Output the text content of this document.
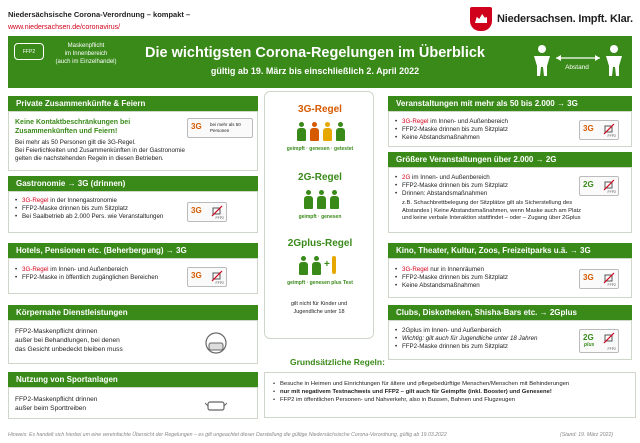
Niedersächsische Corona-Verordnung – kompakt –
www.niedersachsen.de/coronavirus/
Niedersachsen. Impft. Klar.
FFP2
Maskenpflicht
im Innenbereich
(auch im Einzelhandel)
Die wichtigsten Corona-Regelungen im Überblick
gültig ab 19. März bis einschließlich 2. April 2022	Abstand
Private Zusammenkünfte & Feiern
Keine Kontaktbeschränkungen bei
Zusammenkünften und Feiern!
Bei mehr als 50 Personen gilt die 3G-Regel.
Bei Feierlichkeiten und Zusammenkünften in der Gastronomie
gelten die nachstehenden Regeln in diesen Betrieben.
3G bei mehr als 50 Personen
Gastronomie → 3G (drinnen)
• 3G-Regel in der Innengastronomie
• FFP2-Maske drinnen bis zum Sitzplatz
• Bei Saalbetrieb ab 2.000 Pers. wie Veranstaltungen
3G
FFP2
Hotels, Pensionen etc. (Beherbergung) → 3G
• 3G-Regel im Innen- und Außenbereich
• FFP2-Maske in öffentlich zugänglichen Bereichen	3G
FFP2
Körpernahe Dienstleistungen
FFP2-Maskenpflicht drinnen
außer bei Behandlungen, bei denen
das Gesicht unbedeckt bleiben muss
Nutzung von Sportanlagen
FFP2-Maskenpflicht drinnen
außer beim Sporttreiben
3G-Regel
geimpft · genesen · getestet
2G-Regel
geimpft · genesen
2Gplus-Regel
+
geimpft · genesen plus Test
gilt nicht für Kinder und
Jugendliche unter 18
Veranstaltungen mit mehr als 50 bis 2.000 → 3G
• 3G-Regel im Innen- und Außenbereich
• FFP2-Maske drinnen bis zum Sitzplatz
• Keine Abstandsmaßnahmen
3G
FFP2
Größere Veranstaltungen über 2.000 → 2G
• 2G im Innen- und Außenbereich
• FFP2-Maske drinnen bis zum Sitzplatz
• Drinnen: Abstandsmaßnahmen
z.B. Schachbrettbelegung der Sitzplätze gilt als Sicherstellung des
Abstandes | Keine Abstandsmaßnahmen, wenn Maske auch am Platz
und keine verbale Interaktion stattfindet – oder – Zugang über 2Gplus
2G
FFP2
Kino, Theater, Kultur, Zoos, Freizeitparks u.ä. → 3G
• 3G-Regel nur in Innenräumen
• FFP2-Maske drinnen bis zum Sitzplatz
• Keine Abstandsmaßnahmen
3G
FFP2
Clubs, Diskotheken, Shisha-Bars etc. → 2Gplus
• 2Gplus im Innen- und Außenbereich
• Wichtig: gilt auch für Jugendliche unter 18 Jahren
• FFP2-Maske drinnen bis zum Sitzplatz
2G
plus
FFP2
Grundsätzliche Regeln:
• Besuche in Heimen und Einrichtungen für ältere und pflegebedürftige Menschen/Menschen mit Behinderungen
• nur mit negativem Testnachweis und FFP2 – gilt auch für Geimpfte (inkl. Booster) und Genesene!
• FFP2 im öffentlichen Personen- und Nahverkehr, also in Bussen, Bahnen und Flugzeugen
Hinweis: Es handelt sich hierbei um eine vereinfachte Übersicht der Regelungen – es gilt ungeachtet dieser Darstellung die gültige Niedersächsische Corona-Verordnung, gültig ab 19.03.2022	(Stand: 19. März 2022)
